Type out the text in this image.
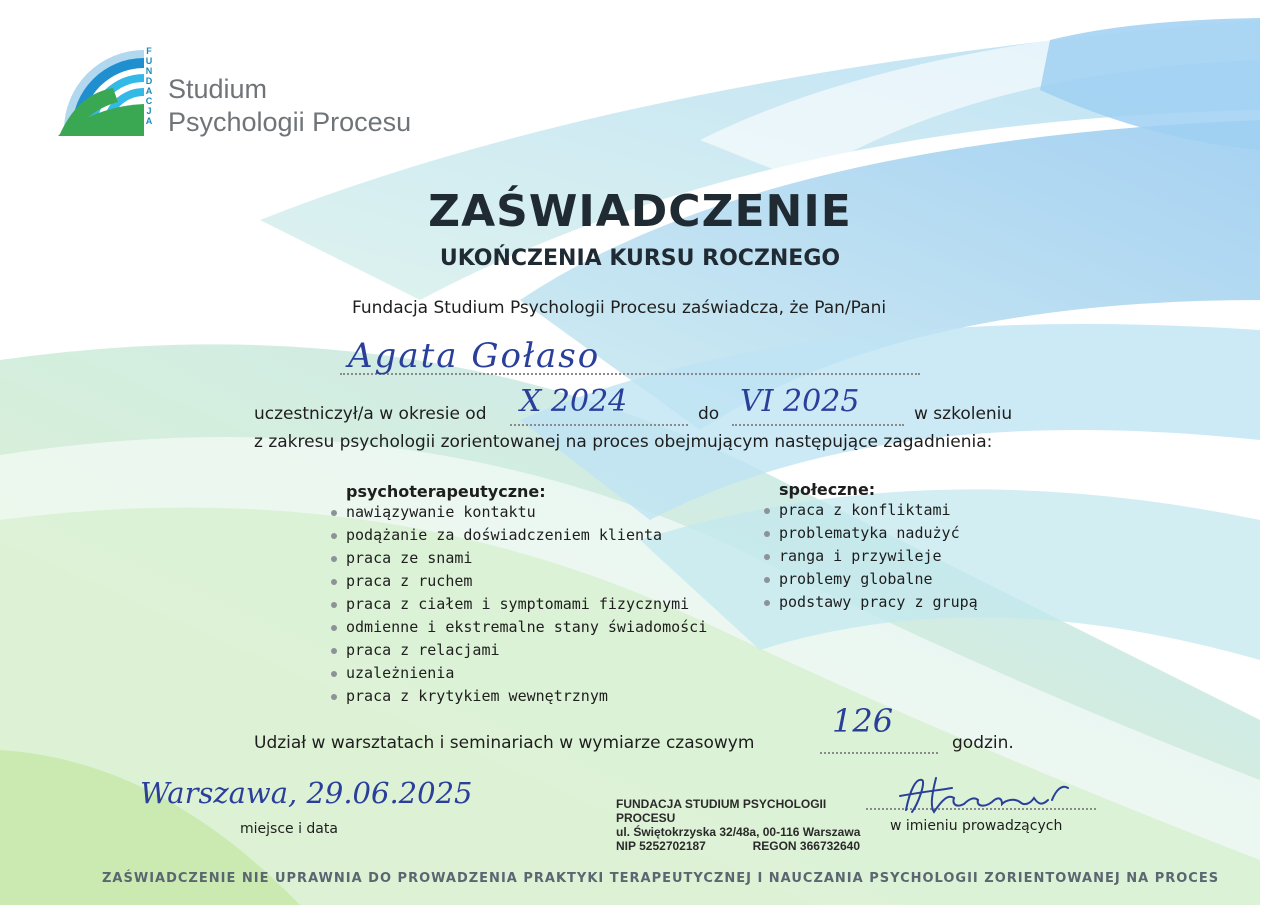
F
U
N
D
A
C
J
A
Studium
Psychologii Procesu
ZAŚWIADCZENIE
UKOŃCZENIA KURSU ROCZNEGO
Fundacja Studium Psychologii Procesu zaświadcza, że Pan/Pani
Agata Gołaso
uczestniczył/a w okresie od X 2024	do VI 2025	w szkoleniu
z zakresu psychologii zorientowanej na proces obejmującym następujące zagadnienia:
psychoterapeutyczne:
nawiązywanie kontaktu
podążanie za doświadczeniem klienta
praca ze snami
praca z ruchem
praca z ciałem i symptomami fizycznymi
odmienne i ekstremalne stany świadomości
praca z relacjami
uzależnienia
praca z krytykiem wewnętrznym
społeczne:
praca z konfliktami
problematyka nadużyć
ranga i przywileje
problemy globalne
podstawy pracy z grupą
Udział w warsztatach i seminariach w wymiarze czasowym
126
godzin.
Warszawa, 29.06.2025
miejsce i data
FUNDACJA STUDIUM PSYCHOLOGII PROCESU
ul. Świętokrzyska 32/48a, 00-116 Warszawa
NIP 5252702187	REGON 366732640
w imieniu prowadzących
ZAŚWIADCZENIE NIE UPRAWNIA DO PROWADZENIA PRAKTYKI TERAPEUTYCZNEJ I NAUCZANIA PSYCHOLOGII ZORIENTOWANEJ NA PROCES
